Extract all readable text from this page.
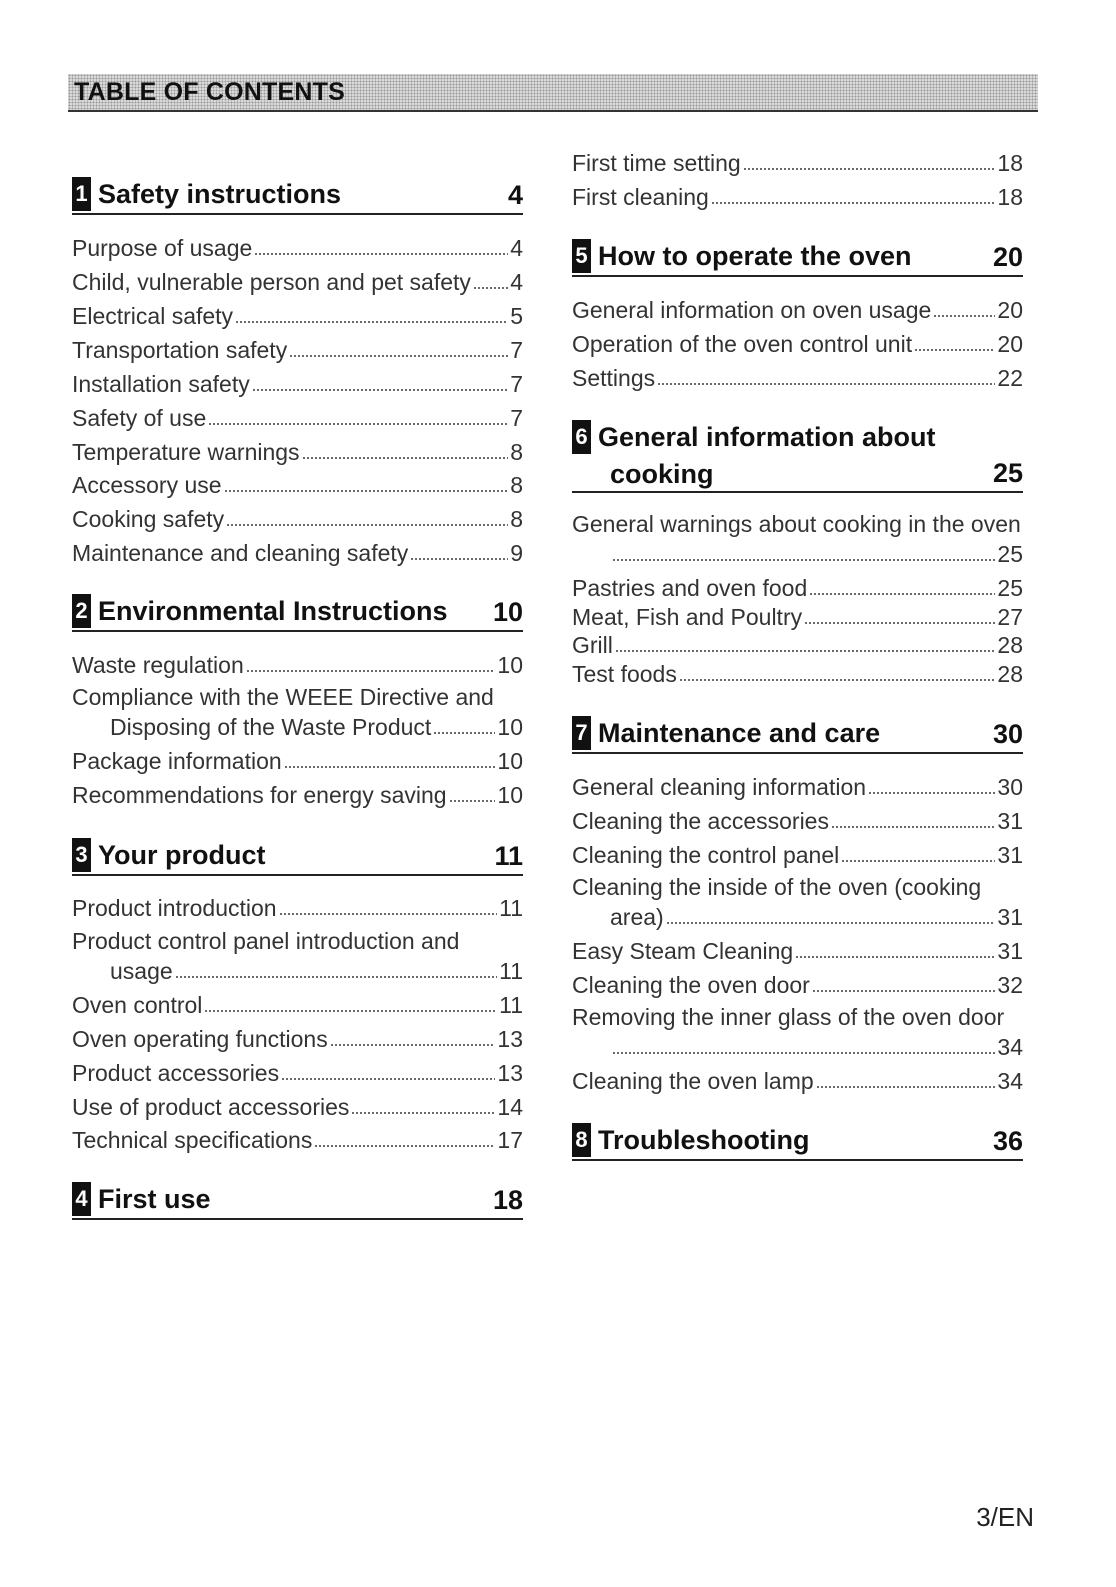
TABLE OF CONTENTS
1 Safety instructions	4
Purpose of usage	4
Child, vulnerable person and pet safety 4
Electrical safety	5
Transportation safety	7
Installation safety	7
Safety of use	7
Temperature warnings	8
Accessory use	8
Cooking safety	8
Maintenance and cleaning safety	9
2 Environmental Instructions 10
Waste regulation	10
Compliance with the WEEE Directive and
Disposing of the Waste Product	10
Package information	10
Recommendations for energy saving 10
3 Your product	11
Product introduction	11
Product control panel introduction and
usage	11
Oven control	11
Oven operating functions	13
Product accessories	13
Use of product accessories	14
Technical specifications	17
4 First use	18
First time setting	18
First cleaning	18
5 How to operate the oven	20
General information on oven usage	20
Operation of the oven control unit	20
Settings	22
6 General information about
cooking	25
General warnings about cooking in the oven
25
Pastries and oven food	25
Meat, Fish and Poultry	27
Grill	28
Test foods	28
7 Maintenance and care	30
General cleaning information	30
Cleaning the accessories	31
Cleaning the control panel	31
Cleaning the inside of the oven (cooking
area)	31
Easy Steam Cleaning	31
Cleaning the oven door	32
Removing the inner glass of the oven door
34
Cleaning the oven lamp	34
8 Troubleshooting	36
3/EN
